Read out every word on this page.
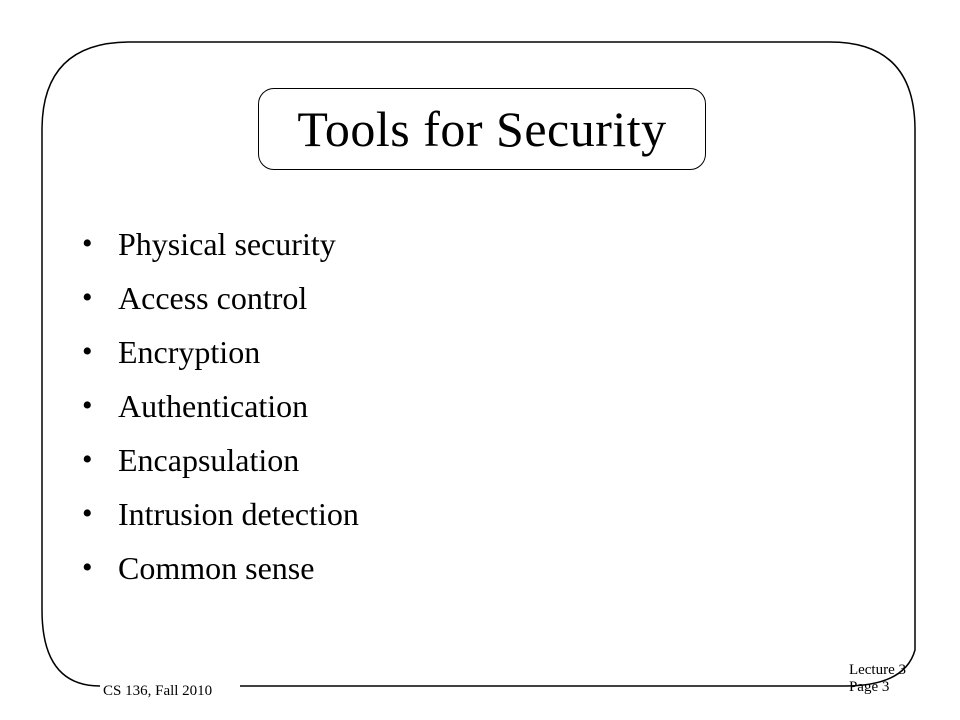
Tools for Security
• Physical security
• Access control
• Encryption
• Authentication
• Encapsulation
• Intrusion detection
• Common sense
CS 136, Fall 2010
Lecture 3
Page 3
